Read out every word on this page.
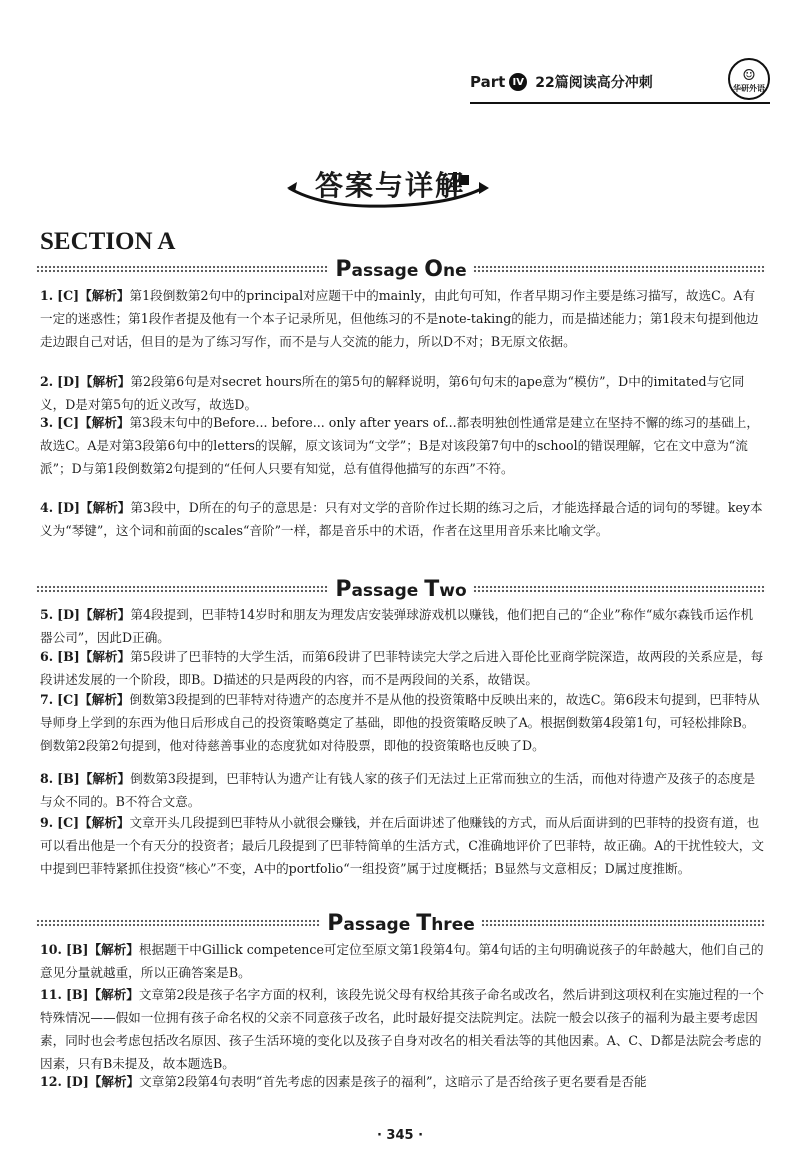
Part IV 22篇阅读高分冲刺	☺
华研外语
答案与详解
SECTION A
Passage One

1. [C]【解析】第1段倒数第2句中的principal对应题干中的mainly，由此句可知，作者早期习作主要是练习描写，故选C。A有一定的迷惑性；第1段作者提及他有一个本子记录所见，但他练习的不是note-taking的能力，而是描述能力；第1段末句提到他边走边跟自己对话，但目的是为了练习写作，而不是与人交流的能力，所以D不对；B无原文依据。

2. [D]【解析】第2段第6句是对secret hours所在的第5句的解释说明，第6句句末的ape意为“模仿”，D中的imitated与它同义，D是对第5句的近义改写，故选D。

3. [C]【解析】第3段末句中的Before... before... only after years of...都表明独创性通常是建立在坚持不懈的练习的基础上，故选C。A是对第3段第6句中的letters的误解，原文该词为“文学”；B是对该段第7句中的school的错误理解，它在文中意为“流派”；D与第1段倒数第2句提到的“任何人只要有知觉，总有值得他描写的东西”不符。

4. [D]【解析】第3段中，D所在的句子的意思是：只有对文学的音阶作过长期的练习之后，才能选择最合适的词句的琴键。key本义为“琴键”，这个词和前面的scales“音阶”一样，都是音乐中的术语，作者在这里用音乐来比喻文学。

Passage Two

5. [D]【解析】第4段提到，巴菲特14岁时和朋友为理发店安装弹球游戏机以赚钱，他们把自己的“企业”称作“威尔森钱币运作机器公司”，因此D正确。

6. [B]【解析】第5段讲了巴菲特的大学生活，而第6段讲了巴菲特读完大学之后进入哥伦比亚商学院深造，故两段的关系应是，每段讲述发展的一个阶段，即B。D描述的只是两段的内容，而不是两段间的关系，故错误。

7. [C]【解析】倒数第3段提到的巴菲特对待遗产的态度并不是从他的投资策略中反映出来的，故选C。第6段末句提到，巴菲特从导师身上学到的东西为他日后形成自己的投资策略奠定了基础，即他的投资策略反映了A。根据倒数第4段第1句，可轻松排除B。倒数第2段第2句提到，他对待慈善事业的态度犹如对待股票，即他的投资策略也反映了D。

8. [B]【解析】倒数第3段提到，巴菲特认为遗产让有钱人家的孩子们无法过上正常而独立的生活，而他对待遗产及孩子的态度是与众不同的。B不符合文意。

9. [C]【解析】文章开头几段提到巴菲特从小就很会赚钱，并在后面讲述了他赚钱的方式，而从后面讲到的巴菲特的投资有道，也可以看出他是一个有天分的投资者；最后几段提到了巴菲特简单的生活方式，C准确地评价了巴菲特，故正确。A的干扰性较大，文中提到巴菲特紧抓住投资“核心”不变，A中的portfolio“一组投资”属于过度概括；B显然与文意相反；D属过度推断。

Passage Three

10. [B]【解析】根据题干中Gillick competence可定位至原文第1段第4句。第4句话的主句明确说孩子的年龄越大，他们自己的意见分量就越重，所以正确答案是B。

11. [B]【解析】文章第2段是孩子名字方面的权利，该段先说父母有权给其孩子命名或改名，然后讲到这项权利在实施过程的一个特殊情况——假如一位拥有孩子命名权的父亲不同意孩子改名，此时最好提交法院判定。法院一般会以孩子的福利为最主要考虑因素，同时也会考虑包括改名原因、孩子生活环境的变化以及孩子自身对改名的相关看法等的其他因素。A、C、D都是法院会考虑的因素，只有B未提及，故本题选B。

12. [D]【解析】文章第2段第4句表明“首先考虑的因素是孩子的福利”，这暗示了是否给孩子更名要看是否能

· 345 ·
